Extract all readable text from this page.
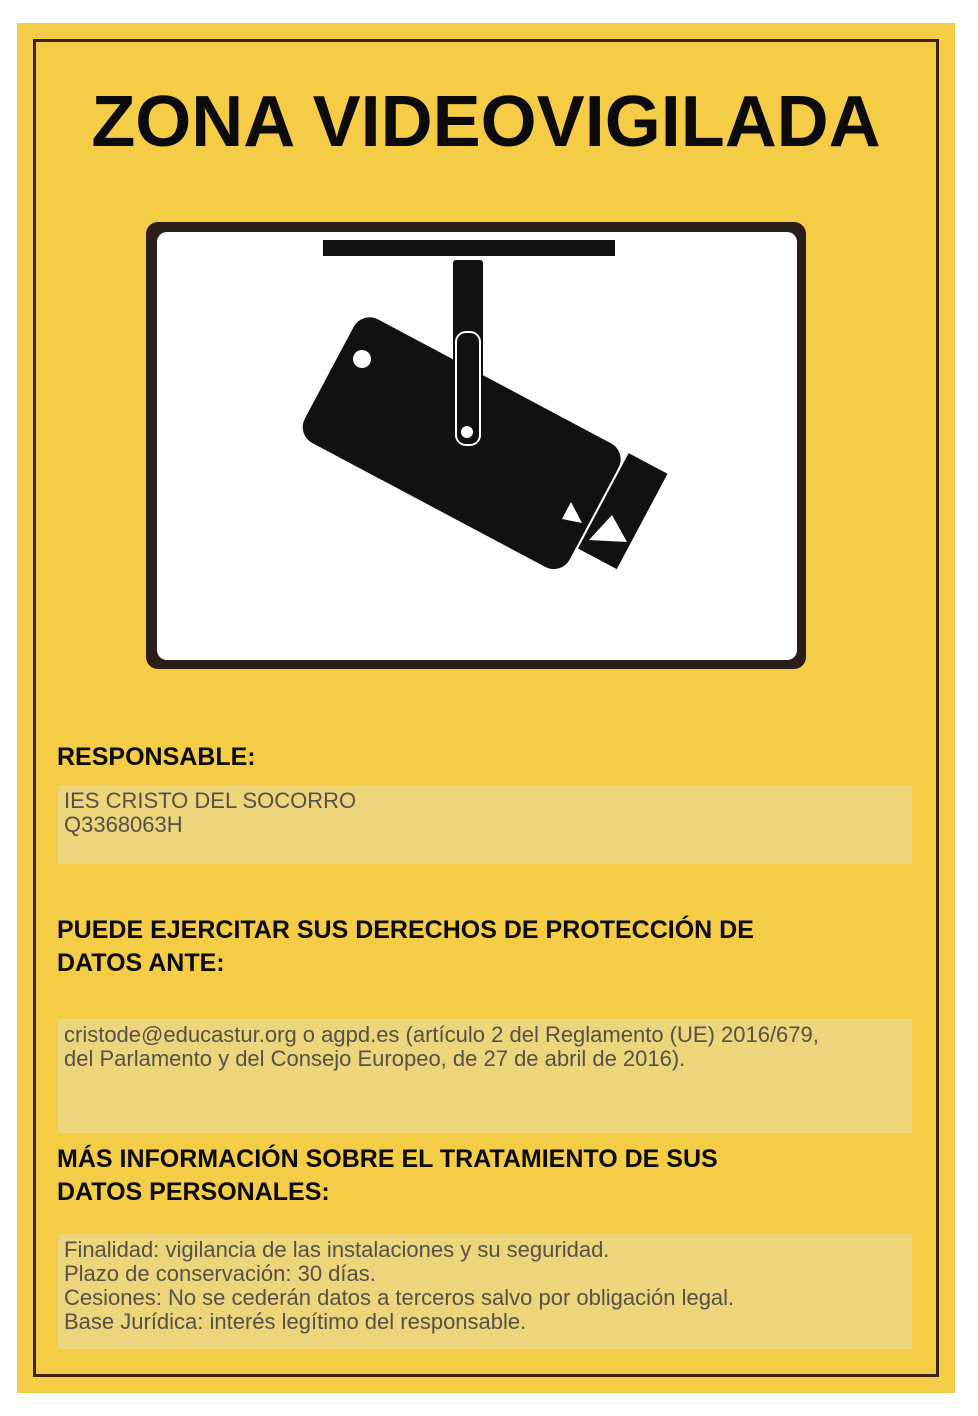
ZONA VIDEOVIGILADA
RESPONSABLE:
IES CRISTO DEL SOCORRO
Q3368063H
PUEDE EJERCITAR SUS DERECHOS DE PROTECCIÓN DE
DATOS ANTE:
cristode@educastur.org o agpd.es (artículo 2 del Reglamento (UE) 2016/679,
del Parlamento y del Consejo Europeo, de 27 de abril de 2016).
MÁS INFORMACIÓN SOBRE EL TRATAMIENTO DE SUS
DATOS PERSONALES:
Finalidad: vigilancia de las instalaciones y su seguridad.
Plazo de conservación: 30 días.
Cesiones: No se cederán datos a terceros salvo por obligación legal.
Base Jurídica: interés legítimo del responsable.
